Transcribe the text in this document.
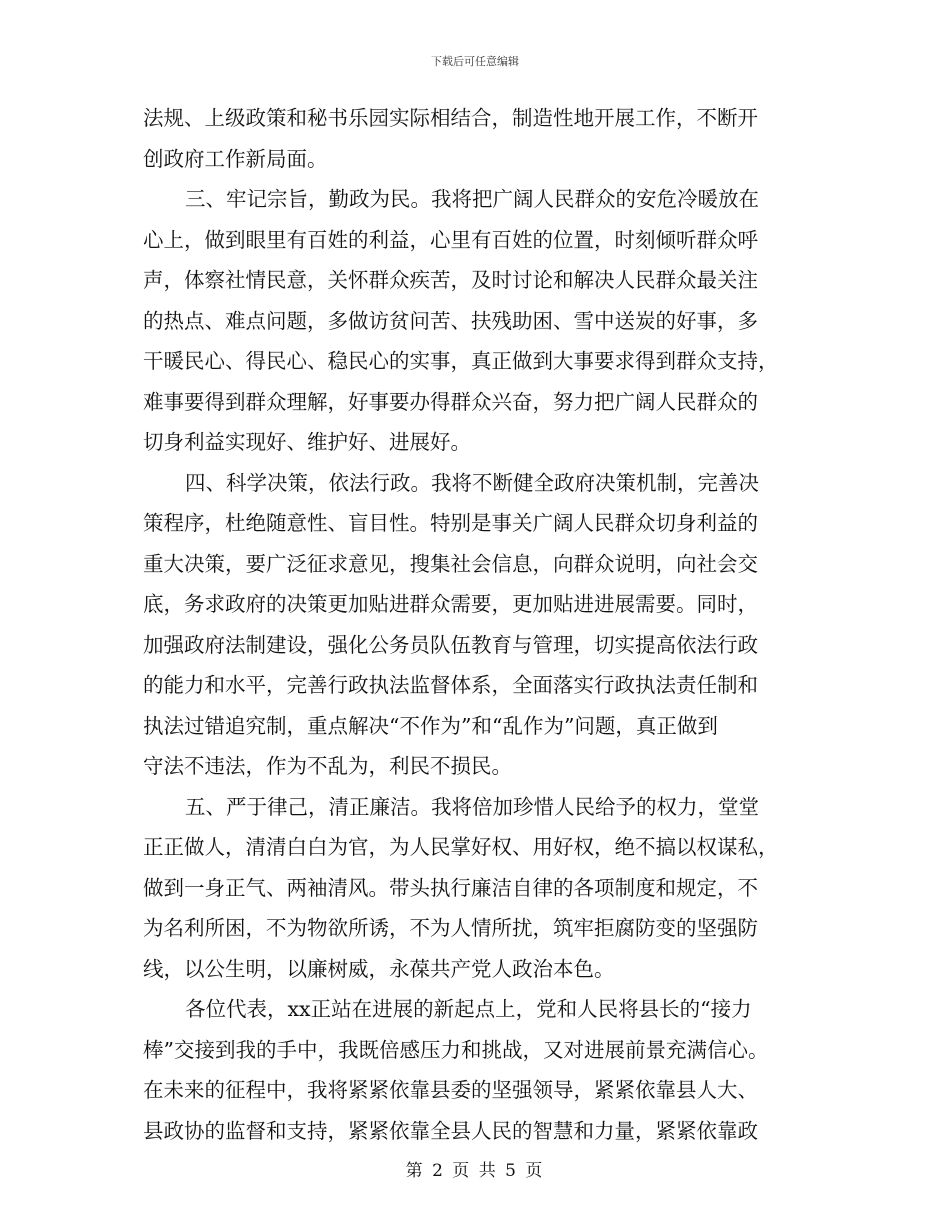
下载后可任意编辑

法规、上级政策和秘书乐园实际相结合，制造性地开展工作，不断开

创政府工作新局面。

三、牢记宗旨，勤政为民。我将把广阔人民群众的安危冷暖放在

心上，做到眼里有百姓的利益，心里有百姓的位置，时刻倾听群众呼

声，体察社情民意，关怀群众疾苦，及时讨论和解决人民群众最关注

的热点、难点问题，多做访贫问苦、扶残助困、雪中送炭的好事，多

干暖民心、得民心、稳民心的实事，真正做到大事要求得到群众支持，

难事要得到群众理解，好事要办得群众兴奋，努力把广阔人民群众的

切身利益实现好、维护好、进展好。

四、科学决策，依法行政。我将不断健全政府决策机制，完善决

策程序，杜绝随意性、盲目性。特别是事关广阔人民群众切身利益的

重大决策，要广泛征求意见，搜集社会信息，向群众说明，向社会交

底，务求政府的决策更加贴进群众需要，更加贴进进展需要。同时，

加强政府法制建设，强化公务员队伍教育与管理，切实提高依法行政

的能力和水平，完善行政执法监督体系，全面落实行政执法责任制和

执法过错追究制，重点解决“不作为”和“乱作为”问题，真正做到

守法不违法，作为不乱为，利民不损民。

五、严于律己，清正廉洁。我将倍加珍惜人民给予的权力，堂堂

正正做人，清清白白为官，为人民掌好权、用好权，绝不搞以权谋私，

做到一身正气、两袖清风。带头执行廉洁自律的各项制度和规定，不

为名利所困，不为物欲所诱，不为人情所扰，筑牢拒腐防变的坚强防

线，以公生明，以廉树威，永葆共产党人政治本色。

各位代表，xx正站在进展的新起点上，党和人民将县长的“接力

棒”交接到我的手中，我既倍感压力和挑战，又对进展前景充满信心。

在未来的征程中，我将紧紧依靠县委的坚强领导，紧紧依靠县人大、

县政协的监督和支持，紧紧依靠全县人民的智慧和力量，紧紧依靠政

第 2 页 共 5 页
